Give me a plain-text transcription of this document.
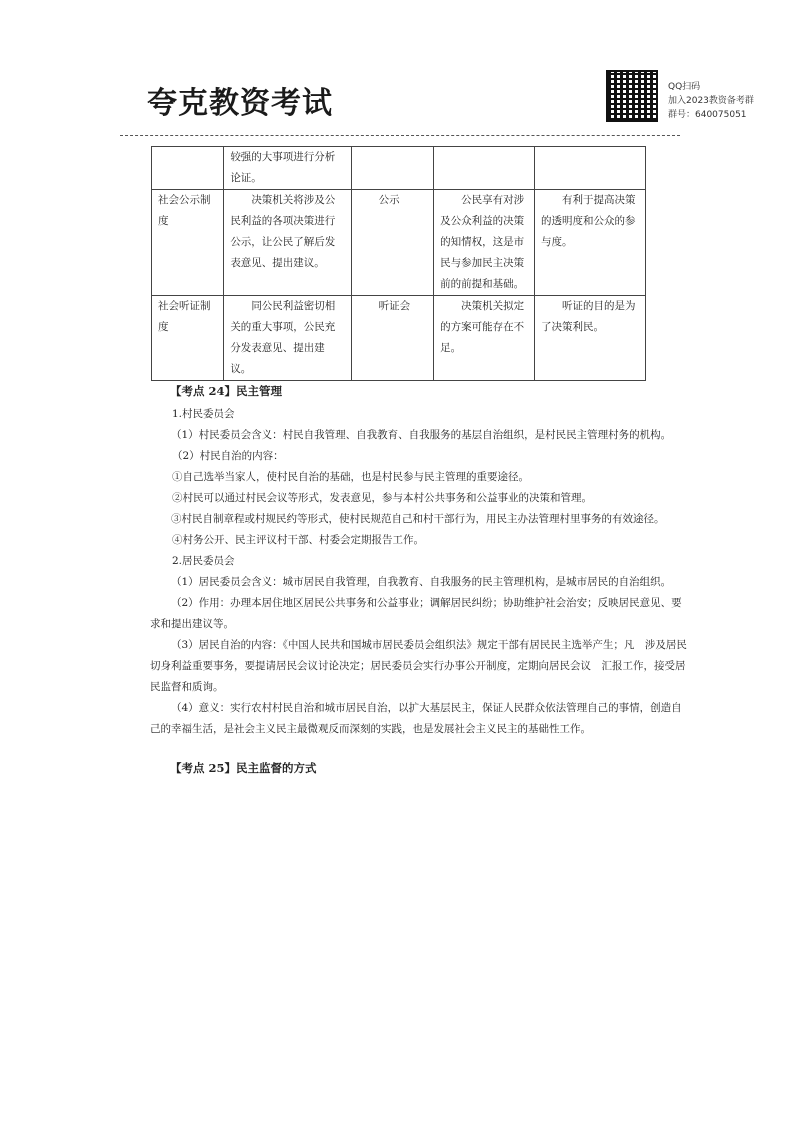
夸克教资考试	QQ扫码
加入2023教资备考群
群号：640075051
	较强的大事项进行分析论证。			
社会公示制度	决策机关将涉及公民利益的各项决策进行公示，让公民了解后发表意见、提出建议。	公示	公民享有对涉及公众利益的决策的知情权，这是市民与参加民主决策前的前提和基础。	有利于提高决策的透明度和公众的参与度。
社会听证制度	同公民利益密切相关的重大事项，公民充分发表意见、提出建议。	听证会	决策机关拟定的方案可能存在不足。	听证的目的是为了决策利民。

【考点 24】民主管理

1.村民委员会

（1）村民委员会含义：村民自我管理、自我教育、自我服务的基层自治组织，是村民民主管理村务的机构。

（2）村民自治的内容：

①自己选举当家人，使村民自治的基础，也是村民参与民主管理的重要途径。

②村民可以通过村民会议等形式，发表意见，参与本村公共事务和公益事业的决策和管理。

③村民自制章程或村规民约等形式，使村民规范自己和村干部行为，用民主办法管理村里事务的有效途径。

④村务公开、民主评议村干部、村委会定期报告工作。

2.居民委员会

（1）居民委员会含义：城市居民自我管理，自我教育、自我服务的民主管理机构，是城市居民的自治组织。

（2）作用：办理本居住地区居民公共事务和公益事业；调解居民纠纷；协助维护社会治安；反映居民意见、要求和提出建议等。

（3）居民自治的内容：《中国人民共和国城市居民委员会组织法》规定干部有居民民主选举产生；凡　涉及居民切身利益重要事务，要提请居民会议讨论决定；居民委员会实行办事公开制度，定期向居民会议　汇报工作，接受居民监督和质询。

（4）意义：实行农村村民自治和城市居民自治，以扩大基层民主，保证人民群众依法管理自己的事情，创造自己的幸福生活，是社会主义民主最微观反而深刻的实践，也是发展社会主义民主的基础性工作。

【考点 25】民主监督的方式
